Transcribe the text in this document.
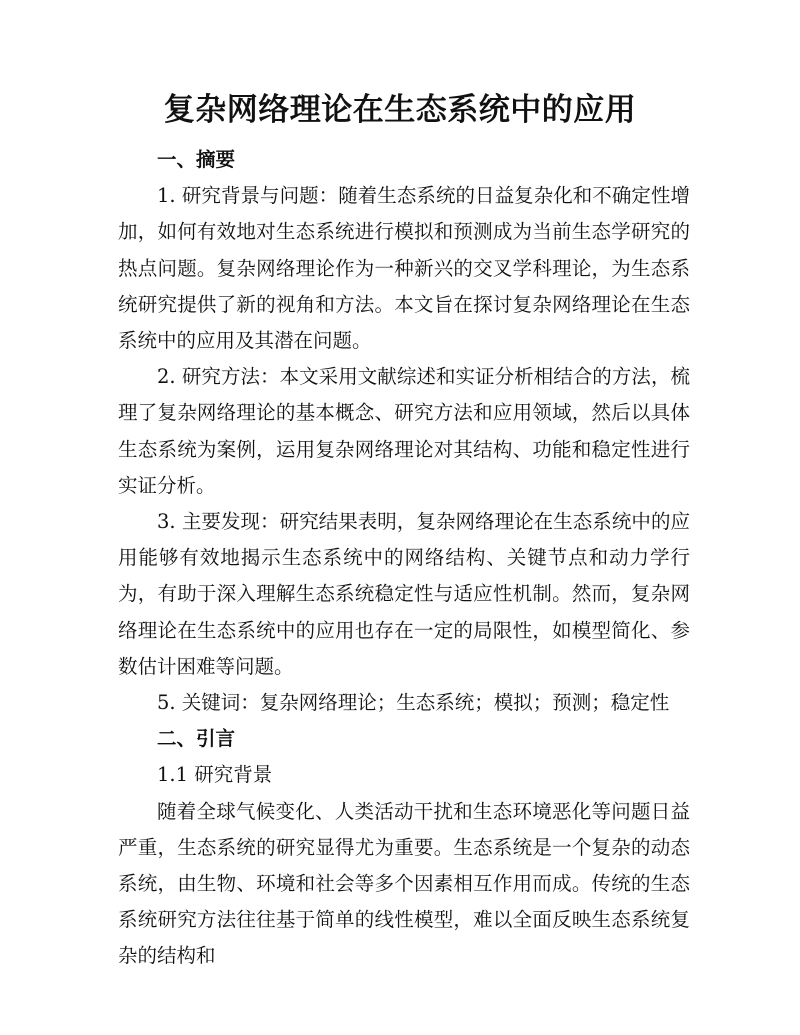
复杂网络理论在生态系统中的应用
一、摘要

1. 研究背景与问题：随着生态系统的日益复杂化和不确定性增加，如何有效地对生态系统进行模拟和预测成为当前生态学研究的热点问题。复杂网络理论作为一种新兴的交叉学科理论，为生态系统研究提供了新的视角和方法。本文旨在探讨复杂网络理论在生态系统中的应用及其潜在问题。

2. 研究方法：本文采用文献综述和实证分析相结合的方法，梳理了复杂网络理论的基本概念、研究方法和应用领域，然后以具体生态系统为案例，运用复杂网络理论对其结构、功能和稳定性进行实证分析。

3. 主要发现：研究结果表明，复杂网络理论在生态系统中的应用能够有效地揭示生态系统中的网络结构、关键节点和动力学行为，有助于深入理解生态系统稳定性与适应性机制。然而，复杂网络理论在生态系统中的应用也存在一定的局限性，如模型简化、参数估计困难等问题。

5. 关键词：复杂网络理论；生态系统；模拟；预测；稳定性

二、引言
1.1 研究背景

随着全球气候变化、人类活动干扰和生态环境恶化等问题日益严重，生态系统的研究显得尤为重要。生态系统是一个复杂的动态系统，由生物、环境和社会等多个因素相互作用而成。传统的生态系统研究方法往往基于简单的线性模型，难以全面反映生态系统复杂的结构和
